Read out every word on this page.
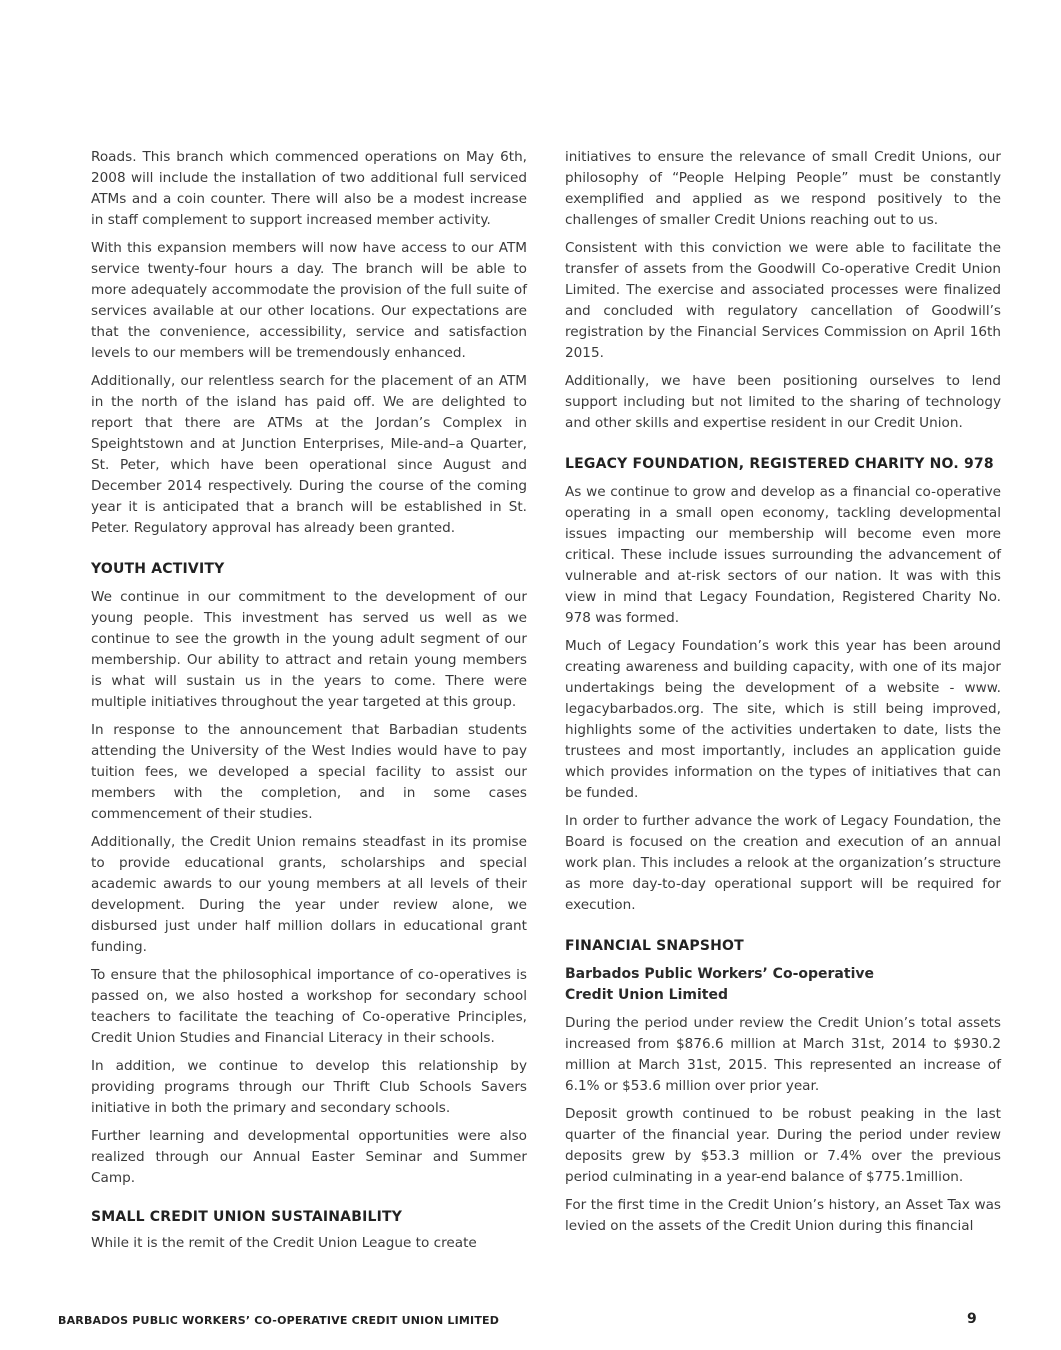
Roads. This branch which commenced operations on May 6th, 2008 will include the installation of two additional full serviced ATMs and a coin counter. There will also be a modest increase in staff complement to support increased member activity.

With this expansion members will now have access to our ATM service twenty-four hours a day. The branch will be able to more adequately accommodate the provision of the full suite of services available at our other locations. Our expectations are that the convenience, accessibility, service and satisfaction levels to our members will be tremendously enhanced.

Additionally, our relentless search for the placement of an ATM in the north of the island has paid off. We are delighted to report that there are ATMs at the Jordan’s Complex in Speightstown and at Junction Enterprises, Mile-and–a Quarter, St. Peter, which have been operational since August and December 2014 respectively. During the course of the coming year it is anticipated that a branch will be established in St. Peter. Regulatory approval has already been granted.

YOUTH ACTIVITY

We continue in our commitment to the development of our young people. This investment has served us well as we continue to see the growth in the young adult segment of our membership. Our ability to attract and retain young members is what will sustain us in the years to come. There were multiple initiatives throughout the year targeted at this group.

In response to the announcement that Barbadian students attending the University of the West Indies would have to pay tuition fees, we developed a special facility to assist our members with the completion, and in some cases commencement of their studies.

Additionally, the Credit Union remains steadfast in its promise to provide educational grants, scholarships and special academic awards to our young members at all levels of their development. During the year under review alone, we disbursed just under half million dollars in educational grant funding.

To ensure that the philosophical importance of co-operatives is passed on, we also hosted a workshop for secondary school teachers to facilitate the teaching of Co-operative Principles, Credit Union Studies and Financial Literacy in their schools.

In addition, we continue to develop this relationship by providing programs through our Thrift Club Schools Savers initiative in both the primary and secondary schools.

Further learning and developmental opportunities were also realized through our Annual Easter Seminar and Summer Camp.

SMALL CREDIT UNION SUSTAINABILITY

While it is the remit of the Credit Union League to create

initiatives to ensure the relevance of small Credit Unions, our philosophy of “People Helping People” must be constantly exemplified and applied as we respond positively to the challenges of smaller Credit Unions reaching out to us.

Consistent with this conviction we were able to facilitate the transfer of assets from the Goodwill Co-operative Credit Union Limited. The exercise and associated processes were finalized and concluded with regulatory cancellation of Goodwill’s registration by the Financial Services Commission on April 16th 2015.

Additionally, we have been positioning ourselves to lend support including but not limited to the sharing of technology and other skills and expertise resident in our Credit Union.

LEGACY FOUNDATION, REGISTERED CHARITY NO. 978

As we continue to grow and develop as a financial co-operative operating in a small open economy, tackling developmental issues impacting our membership will become even more critical. These include issues surrounding the advancement of vulnerable and at-risk sectors of our nation. It was with this view in mind that Legacy Foundation, Registered Charity No. 978 was formed.

Much of Legacy Foundation’s work this year has been around creating awareness and building capacity, with one of its major undertakings being the development of a website - www. legacybarbados.org. The site, which is still being improved, highlights some of the activities undertaken to date, lists the trustees and most importantly, includes an application guide which provides information on the types of initiatives that can be funded.

In order to further advance the work of Legacy Foundation, the Board is focused on the creation and execution of an annual work plan. This includes a relook at the organization’s structure as more day-to-day operational support will be required for execution.

FINANCIAL SNAPSHOT
Barbados Public Workers’ Co-operative
Credit Union Limited

During the period under review the Credit Union’s total assets increased from $876.6 million at March 31st, 2014 to $930.2 million at March 31st, 2015. This represented an increase of 6.1% or $53.6 million over prior year.

Deposit growth continued to be robust peaking in the last quarter of the financial year. During the period under review deposits grew by $53.3 million or 7.4% over the previous period culminating in a year-end balance of $775.1million.

For the first time in the Credit Union’s history, an Asset Tax was levied on the assets of the Credit Union during this financial

BARBADOS PUBLIC WORKERS’ CO-OPERATIVE CREDIT UNION LIMITED	9
